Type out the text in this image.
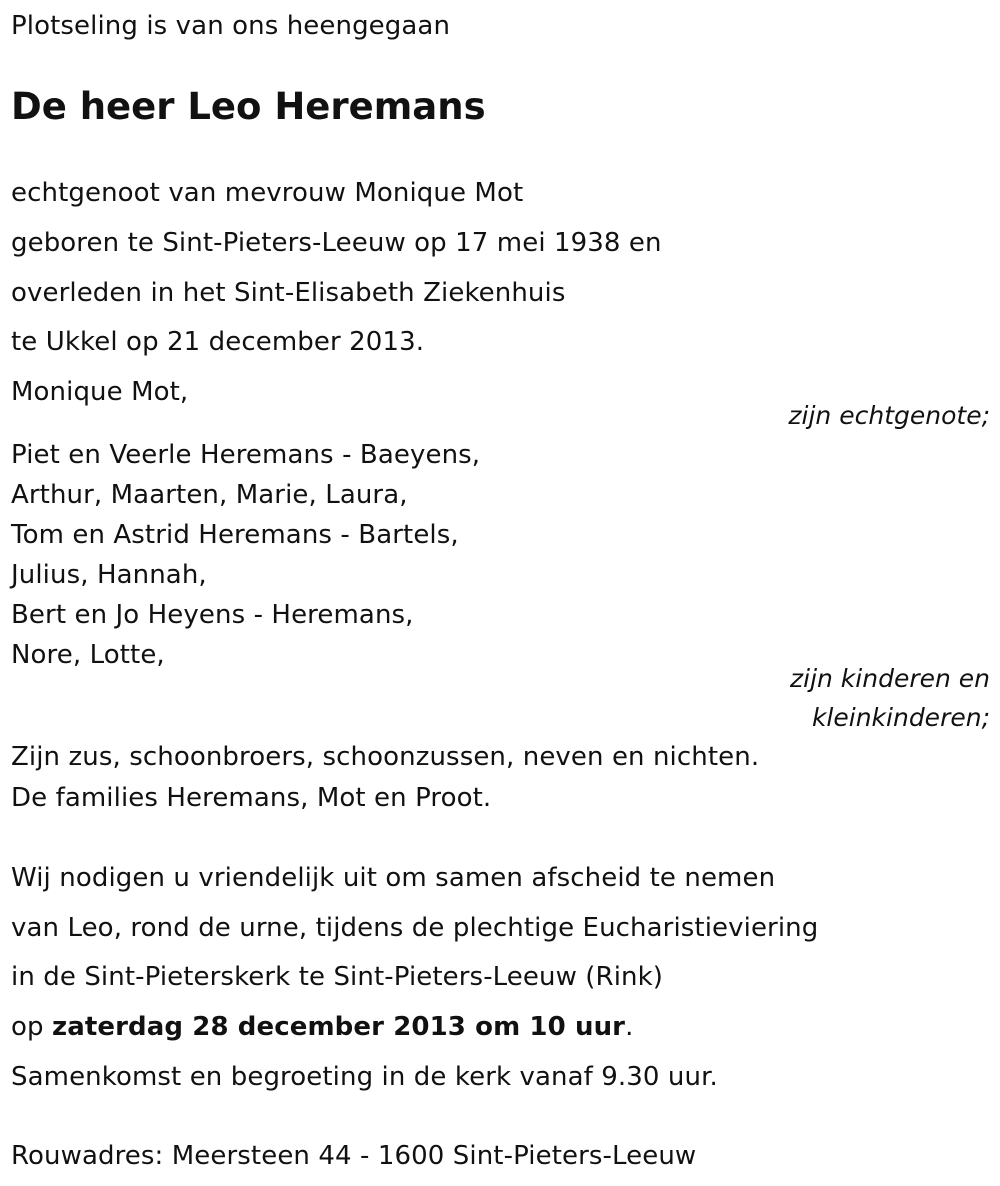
Plotseling is van ons heengegaan
De heer Leo Heremans
echtgenoot van mevrouw Monique Mot
geboren te Sint-Pieters-Leeuw op 17 mei 1938 en
overleden in het Sint-Elisabeth Ziekenhuis
te Ukkel op 21 december 2013.
Monique Mot,
zijn echtgenote;
Piet en Veerle Heremans - Baeyens,
Arthur, Maarten, Marie, Laura,
Tom en Astrid Heremans - Bartels,
Julius, Hannah,
Bert en Jo Heyens - Heremans,
Nore, Lotte,
zijn kinderen en
kleinkinderen;
Zijn zus, schoonbroers, schoonzussen, neven en nichten.
De families Heremans, Mot en Proot.
Wij nodigen u vriendelijk uit om samen afscheid te nemen
van Leo, rond de urne, tijdens de plechtige Eucharistieviering
in de Sint-Pieterskerk te Sint-Pieters-Leeuw (Rink)
op zaterdag 28 december 2013 om 10 uur.
Samenkomst en begroeting in de kerk vanaf 9.30 uur.
Rouwadres: Meersteen 44 - 1600 Sint-Pieters-Leeuw
